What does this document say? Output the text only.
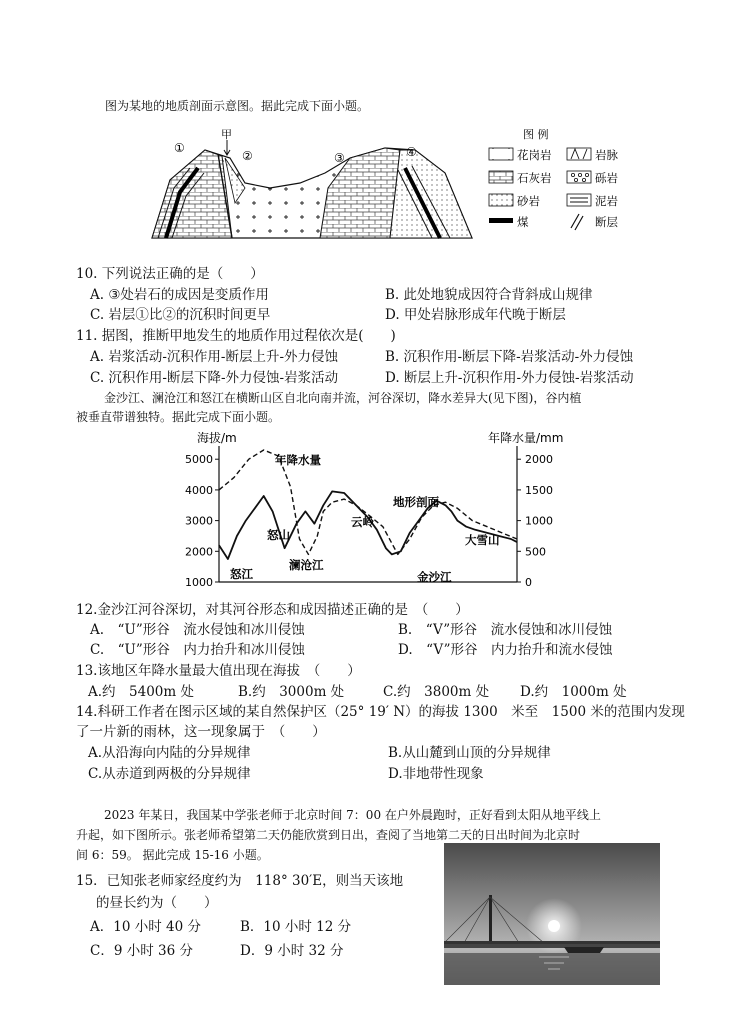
图为某地的地质剖面示意图。据此完成下面小题。
甲
①
②	③	④
图 例
花岗岩	岩脉
石灰岩	砾岩
砂岩	泥岩
煤	断层
10. 下列说法正确的是（　　）
A. ③处岩石的成因是变质作用	B. 此处地貌成因符合背斜成山规律
C. 岩层①比②的沉积时间更早	D. 甲处岩脉形成年代晚于断层
11. 据图，推断甲地发生的地质作用过程依次是(　　)
A. 岩浆活动-沉积作用-断层上升-外力侵蚀	B. 沉积作用-断层下降-岩浆活动-外力侵蚀
C. 沉积作用-断层下降-外力侵蚀-岩浆活动	D. 断层上升-沉积作用-外力侵蚀-岩浆活动
金沙江、澜沧江和怒江在横断山区自北向南并流，河谷深切，降水差异大(见下图)，谷内植
被垂直带谱独特。据此完成下面小题。
海拔/m	年降水量/mm
1000
2000
3000
4000
5000
0
500
1000
1500
2000
年降水量
地形剖面
怒山
云岭
怒江
澜沧江
大雪山
金沙江
12.金沙江河谷深切，对其河谷形态和成因描述正确的是　（　　）
A.　“U”形谷　流水侵蚀和冰川侵蚀	B.　“V”形谷　流水侵蚀和冰川侵蚀
C.　“U”形谷　内力抬升和冰川侵蚀	D.　“V”形谷　内力抬升和流水侵蚀
13.该地区年降水量最大值出现在海拔　（　　）
A.约　5400m 处	B.约　3000m 处	C.约　3800m 处 D.约　1000m 处
14.科研工作者在图示区域的某自然保护区（25° 19′ N）的海拔 1300　米至　1500 米的范围内发现
了一片新的雨林，这一现象属于　（　　）
A.从沿海向内陆的分异规律	B.从山麓到山顶的分异规律
C.从赤道到两极的分异规律	D.非地带性现象
2023 年某日，我国某中学张老师于北京时间 7：00 在户外晨跑时，正好看到太阳从地平线上
升起，如下图所示。张老师希望第二天仍能欣赏到日出，查阅了当地第二天的日出时间为北京时
间 6：59。 据此完成 15-16 小题。
15．已知张老师家经度约为　118° 30′E，则当天该地
的昼长约为（　　）
A．10 小时 40 分	B．10 小时 12 分
C．9 小时 36 分	D．9 小时 32 分
